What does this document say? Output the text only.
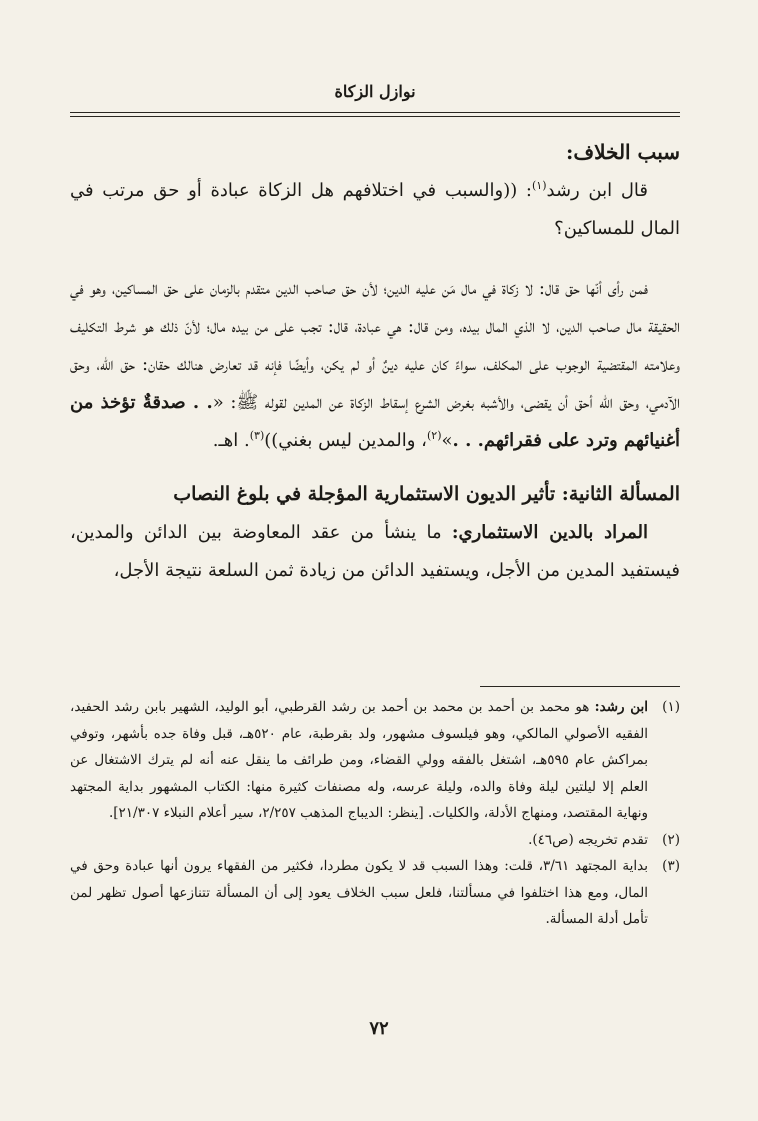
نوازل الزكاة

سبب الخلاف:

قال ابن رشد$^{(١)}$: ((والسبب في اختلافهم هل الزكاة عبادة أو حق مرتب في المال للمساكين؟

فمن رأى أنّها حق قال: لا زكاة في مال مَن عليه الدين؛ لأن حق صاحب الدين متقدم بالزمان على حق المساكين، وهو في الحقيقة مال صاحب الدين، لا الذي المال بيده، ومن قال: هي عبادة، قال: تجب على من بيده مال؛ لأنّ ذلك هو شرط التكليف وعلامته المقتضية الوجوب على المكلف، سواءً كان عليه دينٌ أو لم يكن، وأيضًا فإنه قد تعارض هنالك حقان: حق الله، وحق الآدمي، وحق الله أحق أن يقضى، والأشبه بغرض الشرع إسقاط الزكاة عن المدين لقوله ﷺ: «. . صدقةٌ تؤخذ من أغنيائهم وترد على فقرائهم. . .»$^{(٢)}$، والمدين ليس بغني))$^{(٣)}$. اهـ.

المسألة الثانية: تأثير الديون الاستثمارية المؤجلة في بلوغ النصاب

المراد بالدين الاستثماري: ما ينشأ من عقد المعاوضة بين الدائن والمدين، فيستفيد المدين من الأجل، ويستفيد الدائن من زيادة ثمن السلعة نتيجة الأجل،

(١)
ابن رشد: هو محمد بن أحمد بن محمد بن أحمد بن رشد القرطبي، أبو الوليد، الشهير بابن رشد الحفيد، الفقيه الأصولي المالكي، وهو فيلسوف مشهور، ولد بقرطبة، عام ٥٢٠هـ، قبل وفاة جده بأشهر، وتوفي بمراكش عام ٥٩٥هـ، اشتغل بالفقه وولي القضاء، ومن طرائف ما ينقل عنه أنه لم يترك الاشتغال عن العلم إلا ليلتين ليلة وفاة والده، وليلة عرسه، وله مصنفات كثيرة منها: الكتاب المشهور بداية المجتهد ونهاية المقتصد، ومنهاج الأدلة، والكليات. [ينظر: الديباج المذهب ٢/٢٥٧، سير أعلام النبلاء ٢١/٣٠٧].
(٢)
تقدم تخريجه (ص٤٦).
(٣)
بداية المجتهد ٣/٦١، قلت: وهذا السبب قد لا يكون مطردا، فكثير من الفقهاء يرون أنها عبادة وحق في المال، ومع هذا اختلفوا في مسألتنا، فلعل سبب الخلاف يعود إلى أن المسألة تتنازعها أصول تظهر لمن تأمل أدلة المسألة.
٧٢
